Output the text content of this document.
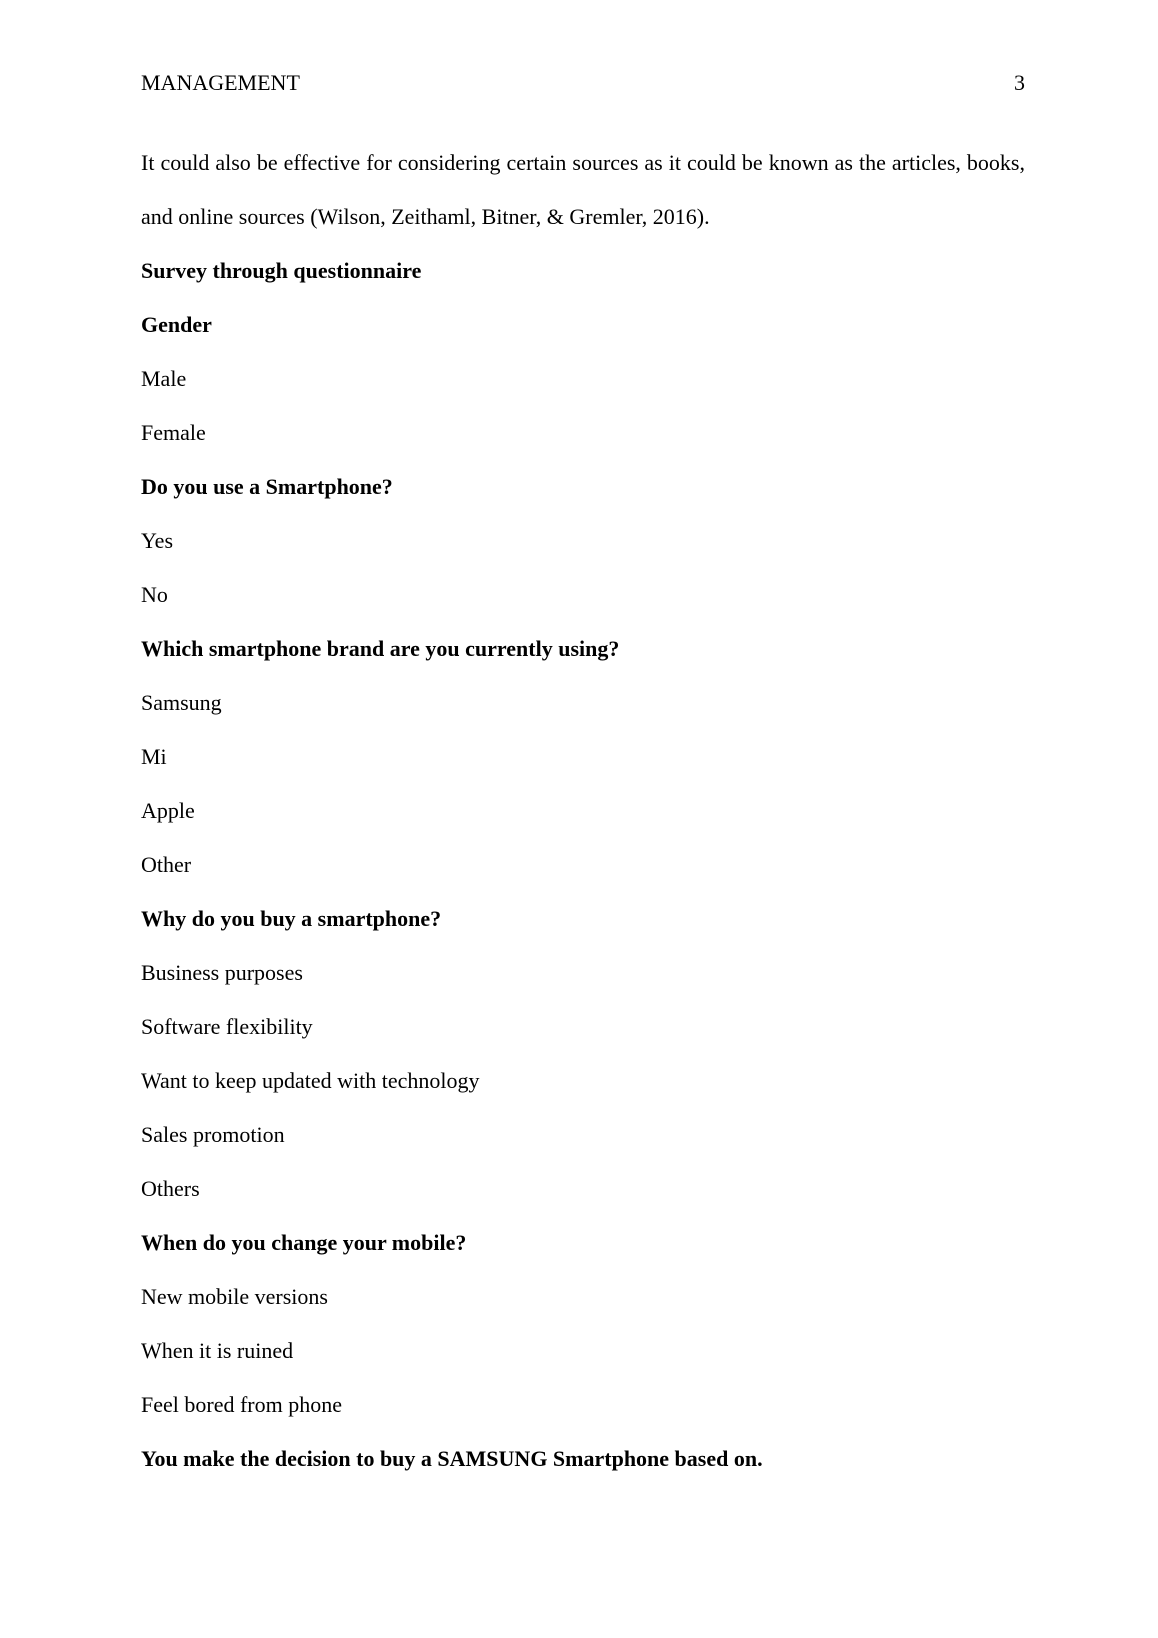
MANAGEMENT	3

It could also be effective for considering certain sources as it could be known as the articles, books, and online sources (Wilson, Zeithaml, Bitner, & Gremler, 2016).

Survey through questionnaire

Gender

Male

Female

Do you use a Smartphone?

Yes

No

Which smartphone brand are you currently using?

Samsung

Mi

Apple

Other

Why do you buy a smartphone?

Business purposes

Software flexibility

Want to keep updated with technology

Sales promotion

Others

When do you change your mobile?

New mobile versions

When it is ruined

Feel bored from phone

You make the decision to buy a SAMSUNG Smartphone based on.
